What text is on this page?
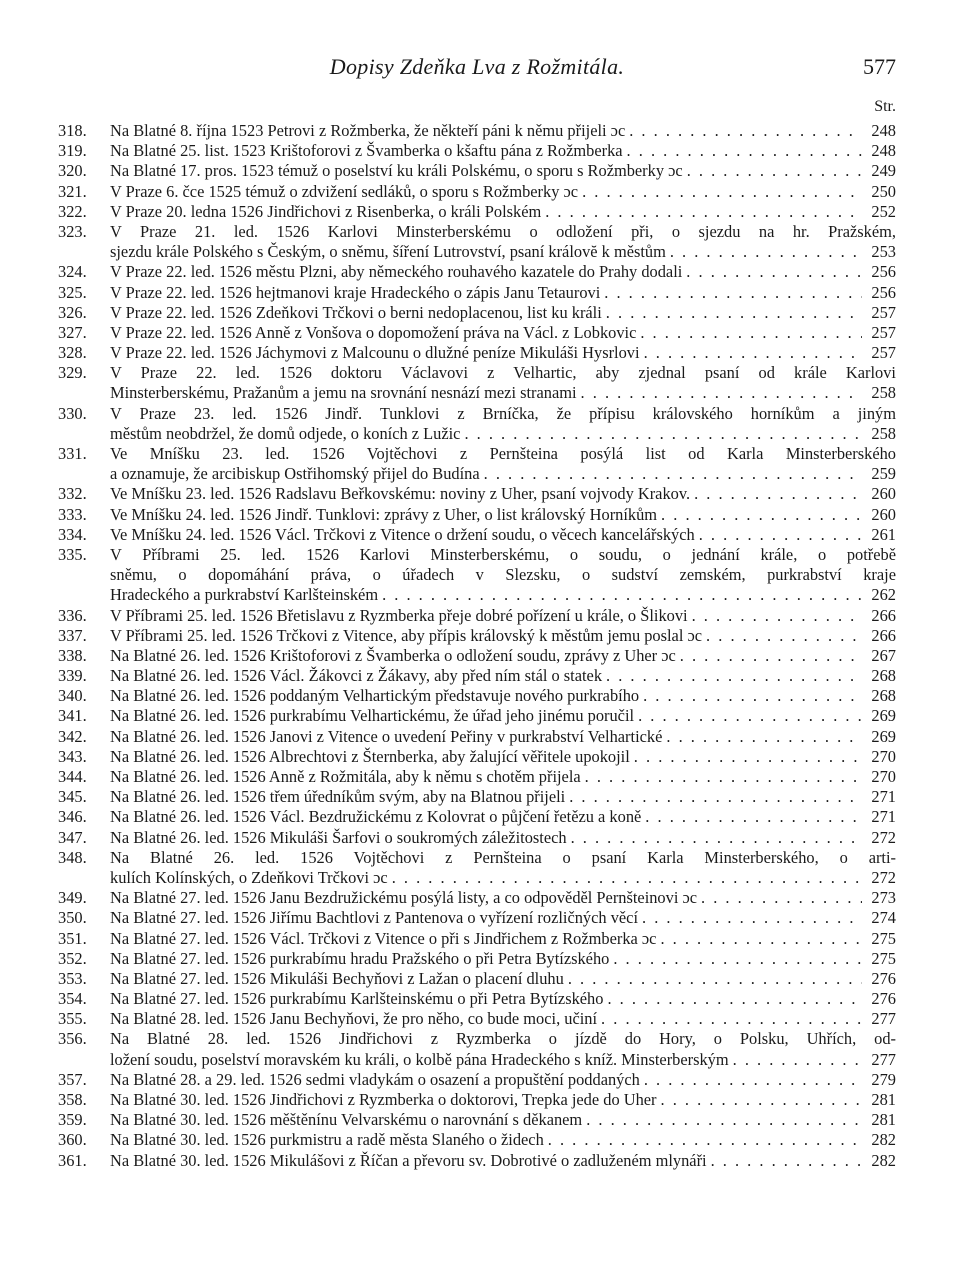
Dopisy Zdeňka Lva z Rožmitála.	577
Str.
318.	Na Blatné 8. října 1523 Petrovi z Rožmberka, že někteří páni k němu přijeli ɔc . . .	248
319.	Na Blatné 25. list. 1523 Krištoforovi z Švamberka o kšaftu pána z Rožmberka . . .	248
320.	Na Blatné 17. pros. 1523 témuž o poselství ku králi Polskému, o sporu s Rožmberky ɔc . . .	249
321.	V Praze 6. čce 1525 témuž o zdvižení sedláků, o sporu s Rožmberky ɔc . . .	250
322.	V Praze 20. ledna 1526 Jindřichovi z Risenberka, o králi Polském . . .	252
323.	V Praze 21. led. 1526 Karlovi Minsterberskému o odložení při, o sjezdu na hr. Pražském,
sjezdu krále Polského s Českým, o sněmu, šíření Lutrovství, psaní královĕ k městům . . .	253
324.	V Praze 22. led. 1526 městu Plzni, aby německého rouhavého kazatele do Prahy dodali . . .	256
325.	V Praze 22. led. 1526 hejtmanovi kraje Hradeckého o zápis Janu Tetaurovi . . .	256
326.	V Praze 22. led. 1526 Zdeňkovi Trčkovi o berni nedoplacenou, list ku králi . . .	257
327.	V Praze 22. led. 1526 Anně z Vonšova o dopomožení práva na Václ. z Lobkovic . . .	257
328.	V Praze 22. led. 1526 Jáchymovi z Malcounu o dlužné peníze Mikuláši Hysrlovi . . .	257
329.	V Praze 22. led. 1526 doktoru Václavovi z Velhartic, aby zjednal psaní od krále Karlovi
Minsterberskému, Pražanům a jemu na srovnání nesnází mezi stranami . . .	258
330.	V Praze 23. led. 1526 Jindř. Tunklovi z Brníčka, že přípisu královského horníkům a jiným
městům neobdržel, že domů odjede, o koních z Lužic . . .	258
331.	Ve Mníšku 23. led. 1526 Vojtěchovi z Pernšteina posýlá list od Karla Minsterberského
a oznamuje, že arcibiskup Ostřihomský přijel do Budína . . .	259
332.	Ve Mníšku 23. led. 1526 Radslavu Beřkovskému: noviny z Uher, psaní vojvody Krakov. . . .	260
333.	Ve Mníšku 24. led. 1526 Jindř. Tunklovi: zprávy z Uher, o list královský Horníkům . . .	260
334.	Ve Mníšku 24. led. 1526 Václ. Trčkovi z Vitence o držení soudu, o věcech kancelářských . . .	261
335.	V Příbrami 25. led. 1526 Karlovi Minsterberskému, o soudu, o jednání krále, o potřebě
sněmu, o dopomáhání práva, o úřadech v Slezsku, o sudství zemském, purkrabství kraje
Hradeckého a purkrabství Karlšteinském . . .	262
336.	V Příbrami 25. led. 1526 Břetislavu z Ryzmberka přeje dobré pořízení u krále, o Šlikovi . . .	266
337.	V Příbrami 25. led. 1526 Trčkovi z Vitence, aby přípis královský k městům jemu poslal ɔc . . .	266
338.	Na Blatné 26. led. 1526 Krištoforovi z Švamberka o odložení soudu, zprávy z Uher ɔc . . .	267
339.	Na Blatné 26. led. 1526 Václ. Žákovci z Žákavy, aby před ním stál o statek . . .	268
340.	Na Blatné 26. led. 1526 poddaným Velhartickým představuje nového purkrabího . . .	268
341.	Na Blatné 26. led. 1526 purkrabímu Velhartickému, že úřad jeho jinému poručil . . .	269
342.	Na Blatné 26. led. 1526 Janovi z Vitence o uvedení Peřiny v purkrabství Velhartické . . .	269
343.	Na Blatné 26. led. 1526 Albrechtovi z Šternberka, aby žalující věřitele upokojil . . .	270
344.	Na Blatné 26. led. 1526 Anně z Rožmitála, aby k němu s chotěm přijela . . .	270
345.	Na Blatné 26. led. 1526 třem úředníkům svým, aby na Blatnou přijeli . . .	271
346.	Na Blatné 26. led. 1526 Václ. Bezdružickému z Kolovrat o půjčení řetězu a koně . . .	271
347.	Na Blatné 26. led. 1526 Mikuláši Šarfovi o soukromých záležitostech . . .	272
348.	Na Blatné 26. led. 1526 Vojtěchovi z Pernšteina o psaní Karla Minsterberského, o arti-
kulích Kolínských, o Zdeňkovi Trčkovi ɔc . . .	272
349.	Na Blatné 27. led. 1526 Janu Bezdružickému posýlá listy, a co odpověděl Pernšteinovi ɔc . . .	273
350.	Na Blatné 27. led. 1526 Jiřímu Bachtlovi z Pantenova o vyřízení rozličných věcí . . .	274
351.	Na Blatné 27. led. 1526 Václ. Trčkovi z Vitence o při s Jindřichem z Rožmberka ɔc . . .	275
352.	Na Blatné 27. led. 1526 purkrabímu hradu Pražského o při Petra Bytízského . . .	275
353.	Na Blatné 27. led. 1526 Mikuláši Bechyňovi z Lažan o placení dluhu . . .	276
354.	Na Blatné 27. led. 1526 purkrabímu Karlšteinskému o při Petra Bytízského . . .	276
355.	Na Blatné 28. led. 1526 Janu Bechyňovi, že pro něho, co bude moci, učiní . . .	277
356.	Na Blatné 28. led. 1526 Jindřichovi z Ryzmberka o jízdě do Hory, o Polsku, Uhřích, od-
ložení soudu, poselství moravském ku králi, o kolbě pána Hradeckého s kníž. Minsterberským . . .	277
357.	Na Blatné 28. a 29. led. 1526 sedmi vladykám o osazení a propuštění poddaných . . .	279
358.	Na Blatné 30. led. 1526 Jindřichovi z Ryzmberka o doktorovi, Trepka jede do Uher . . .	281
359.	Na Blatné 30. led. 1526 měštěnínu Velvarskému o narovnání s děkanem . . .	281
360.	Na Blatné 30. led. 1526 purkmistru a radě města Slaného o židech . . .	282
361.	Na Blatné 30. led. 1526 Mikulášovi z Říčan a převoru sv. Dobrotivé o zadluženém mlynáři . . .	282
